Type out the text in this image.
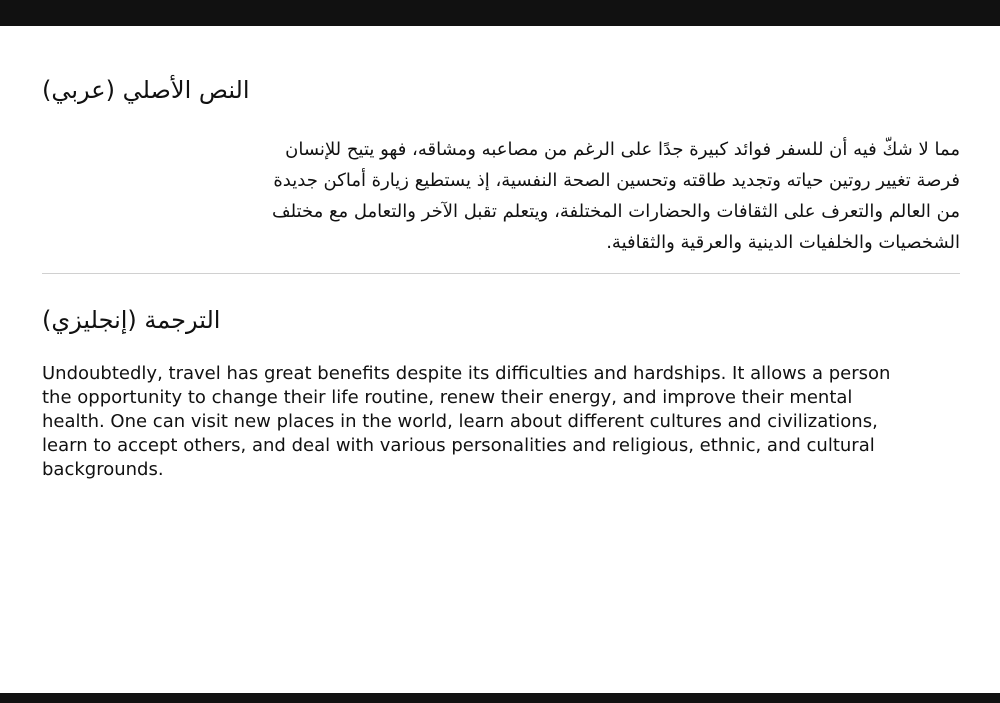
النص الأصلي (عربي)

مما لا شكّ فيه أن للسفر فوائد كبيرة جدًا على الرغم من مصاعبه ومشاقه، فهو يتيح للإنسان فرصة تغيير روتين حياته وتجديد طاقته وتحسين الصحة النفسية، إذ يستطيع زيارة أماكن جديدة من العالم والتعرف على الثقافات والحضارات المختلفة، ويتعلم تقبل الآخر والتعامل مع مختلف الشخصيات والخلفيات الدينية والعرقية والثقافية.

الترجمة (إنجليزي)

Undoubtedly, travel has great benefits despite its difficulties and hardships. It allows a person the opportunity to change their life routine, renew their energy, and improve their mental health. One can visit new places in the world, learn about different cultures and civilizations, learn to accept others, and deal with various personalities and religious, ethnic, and cultural backgrounds.
